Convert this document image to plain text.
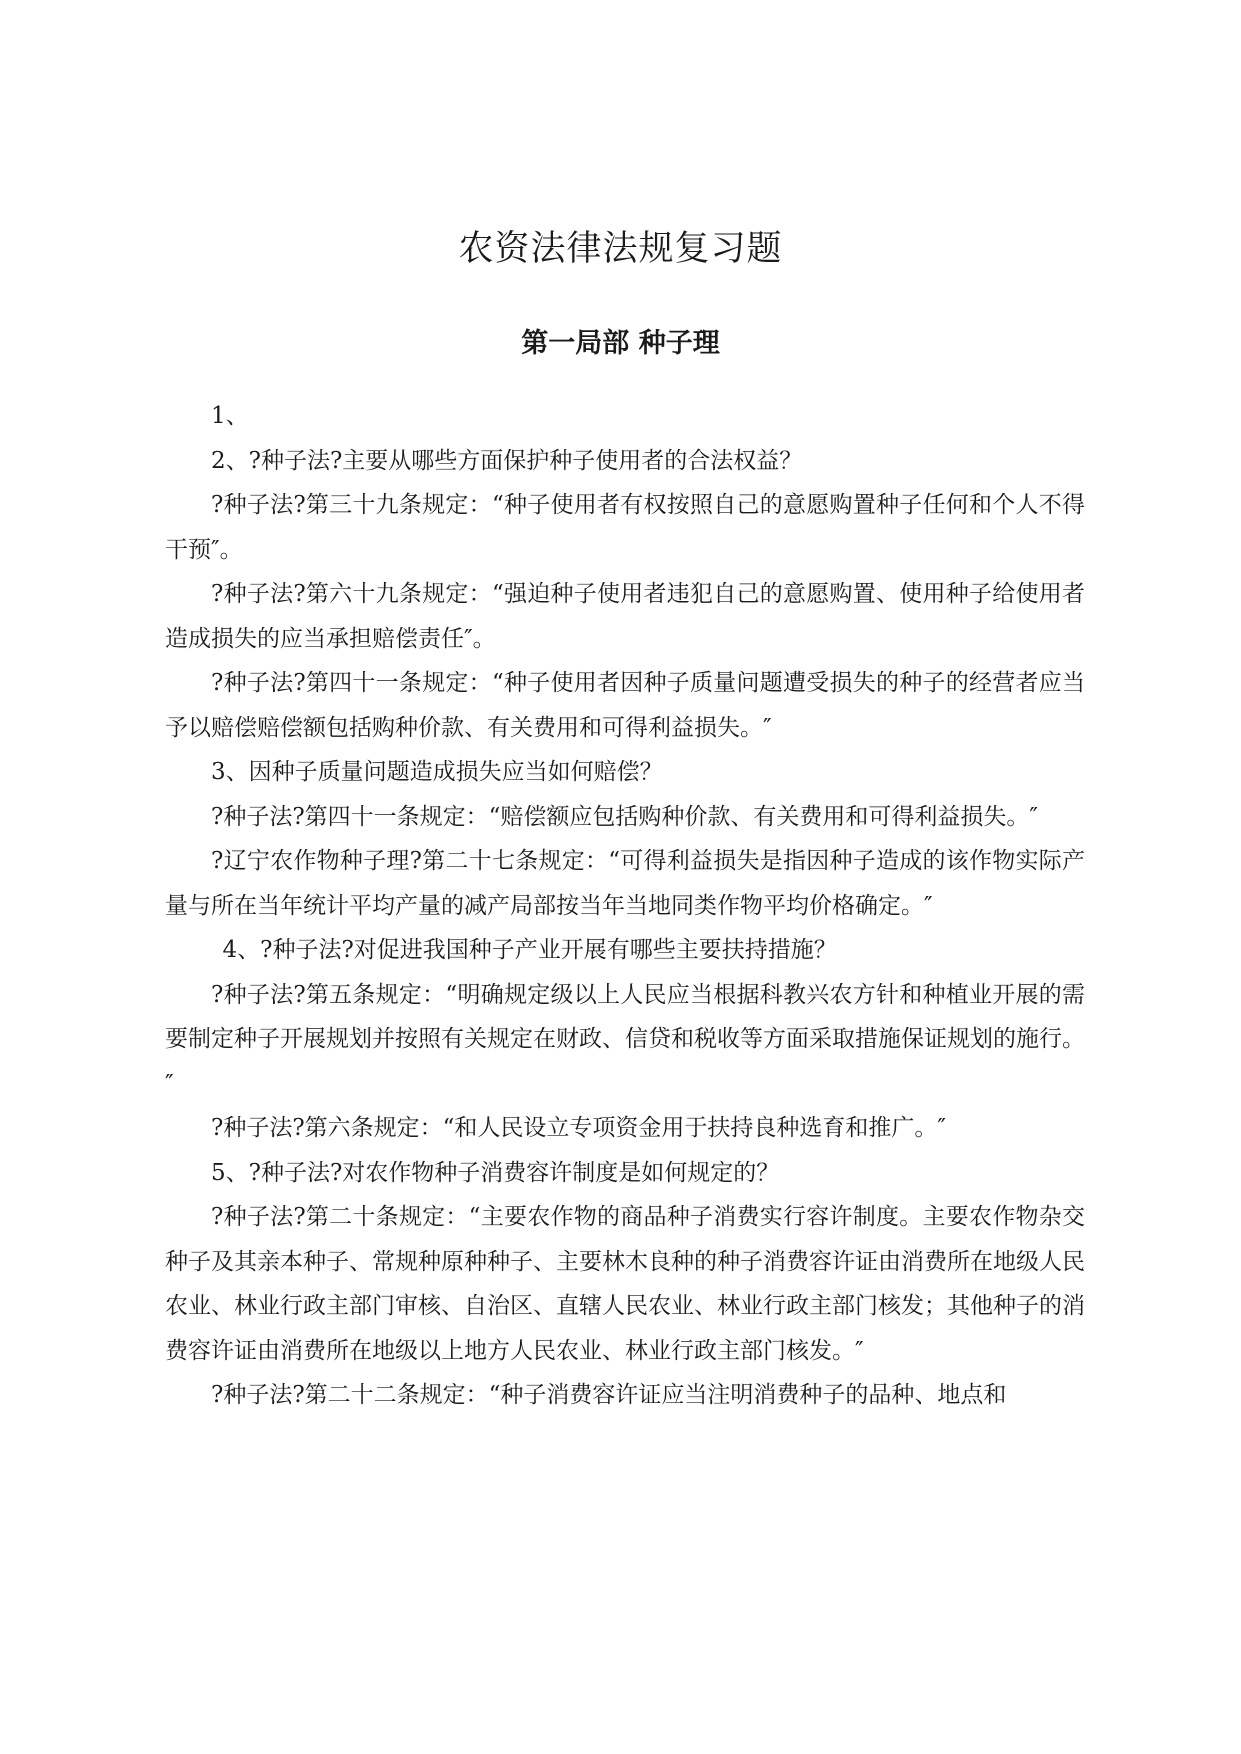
农资法律法规复习题
第一局部 种子理

1、

2、?种子法?主要从哪些方面保护种子使用者的合法权益？

?种子法?第三十九条规定：“种子使用者有权按照自己的意愿购置种子任何和个人不得干预″。

?种子法?第六十九条规定：“强迫种子使用者违犯自己的意愿购置、使用种子给使用者造成损失的应当承担赔偿责任″。

?种子法?第四十一条规定：“种子使用者因种子质量问题遭受损失的种子的经营者应当予以赔偿赔偿额包括购种价款、有关费用和可得利益损失。″

3、因种子质量问题造成损失应当如何赔偿？

?种子法?第四十一条规定：“赔偿额应包括购种价款、有关费用和可得利益损失。″

?辽宁农作物种子理?第二十七条规定：“可得利益损失是指因种子造成的该作物实际产量与所在当年统计平均产量的减产局部按当年当地同类作物平均价格确定。″

4、?种子法?对促进我国种子产业开展有哪些主要扶持措施？

?种子法?第五条规定：“明确规定级以上人民应当根据科教兴农方针和种植业开展的需要制定种子开展规划并按照有关规定在财政、信贷和税收等方面采取措施保证规划的施行。″

?种子法?第六条规定：“和人民设立专项资金用于扶持良种选育和推广。″

5、?种子法?对农作物种子消费容许制度是如何规定的？

?种子法?第二十条规定：“主要农作物的商品种子消费实行容许制度。主要农作物杂交种子及其亲本种子、常规种原种种子、主要林木良种的种子消费容许证由消费所在地级人民农业、林业行政主部门审核、自治区、直辖人民农业、林业行政主部门核发；其他种子的消费容许证由消费所在地级以上地方人民农业、林业行政主部门核发。″

?种子法?第二十二条规定：“种子消费容许证应当注明消费种子的品种、地点和
